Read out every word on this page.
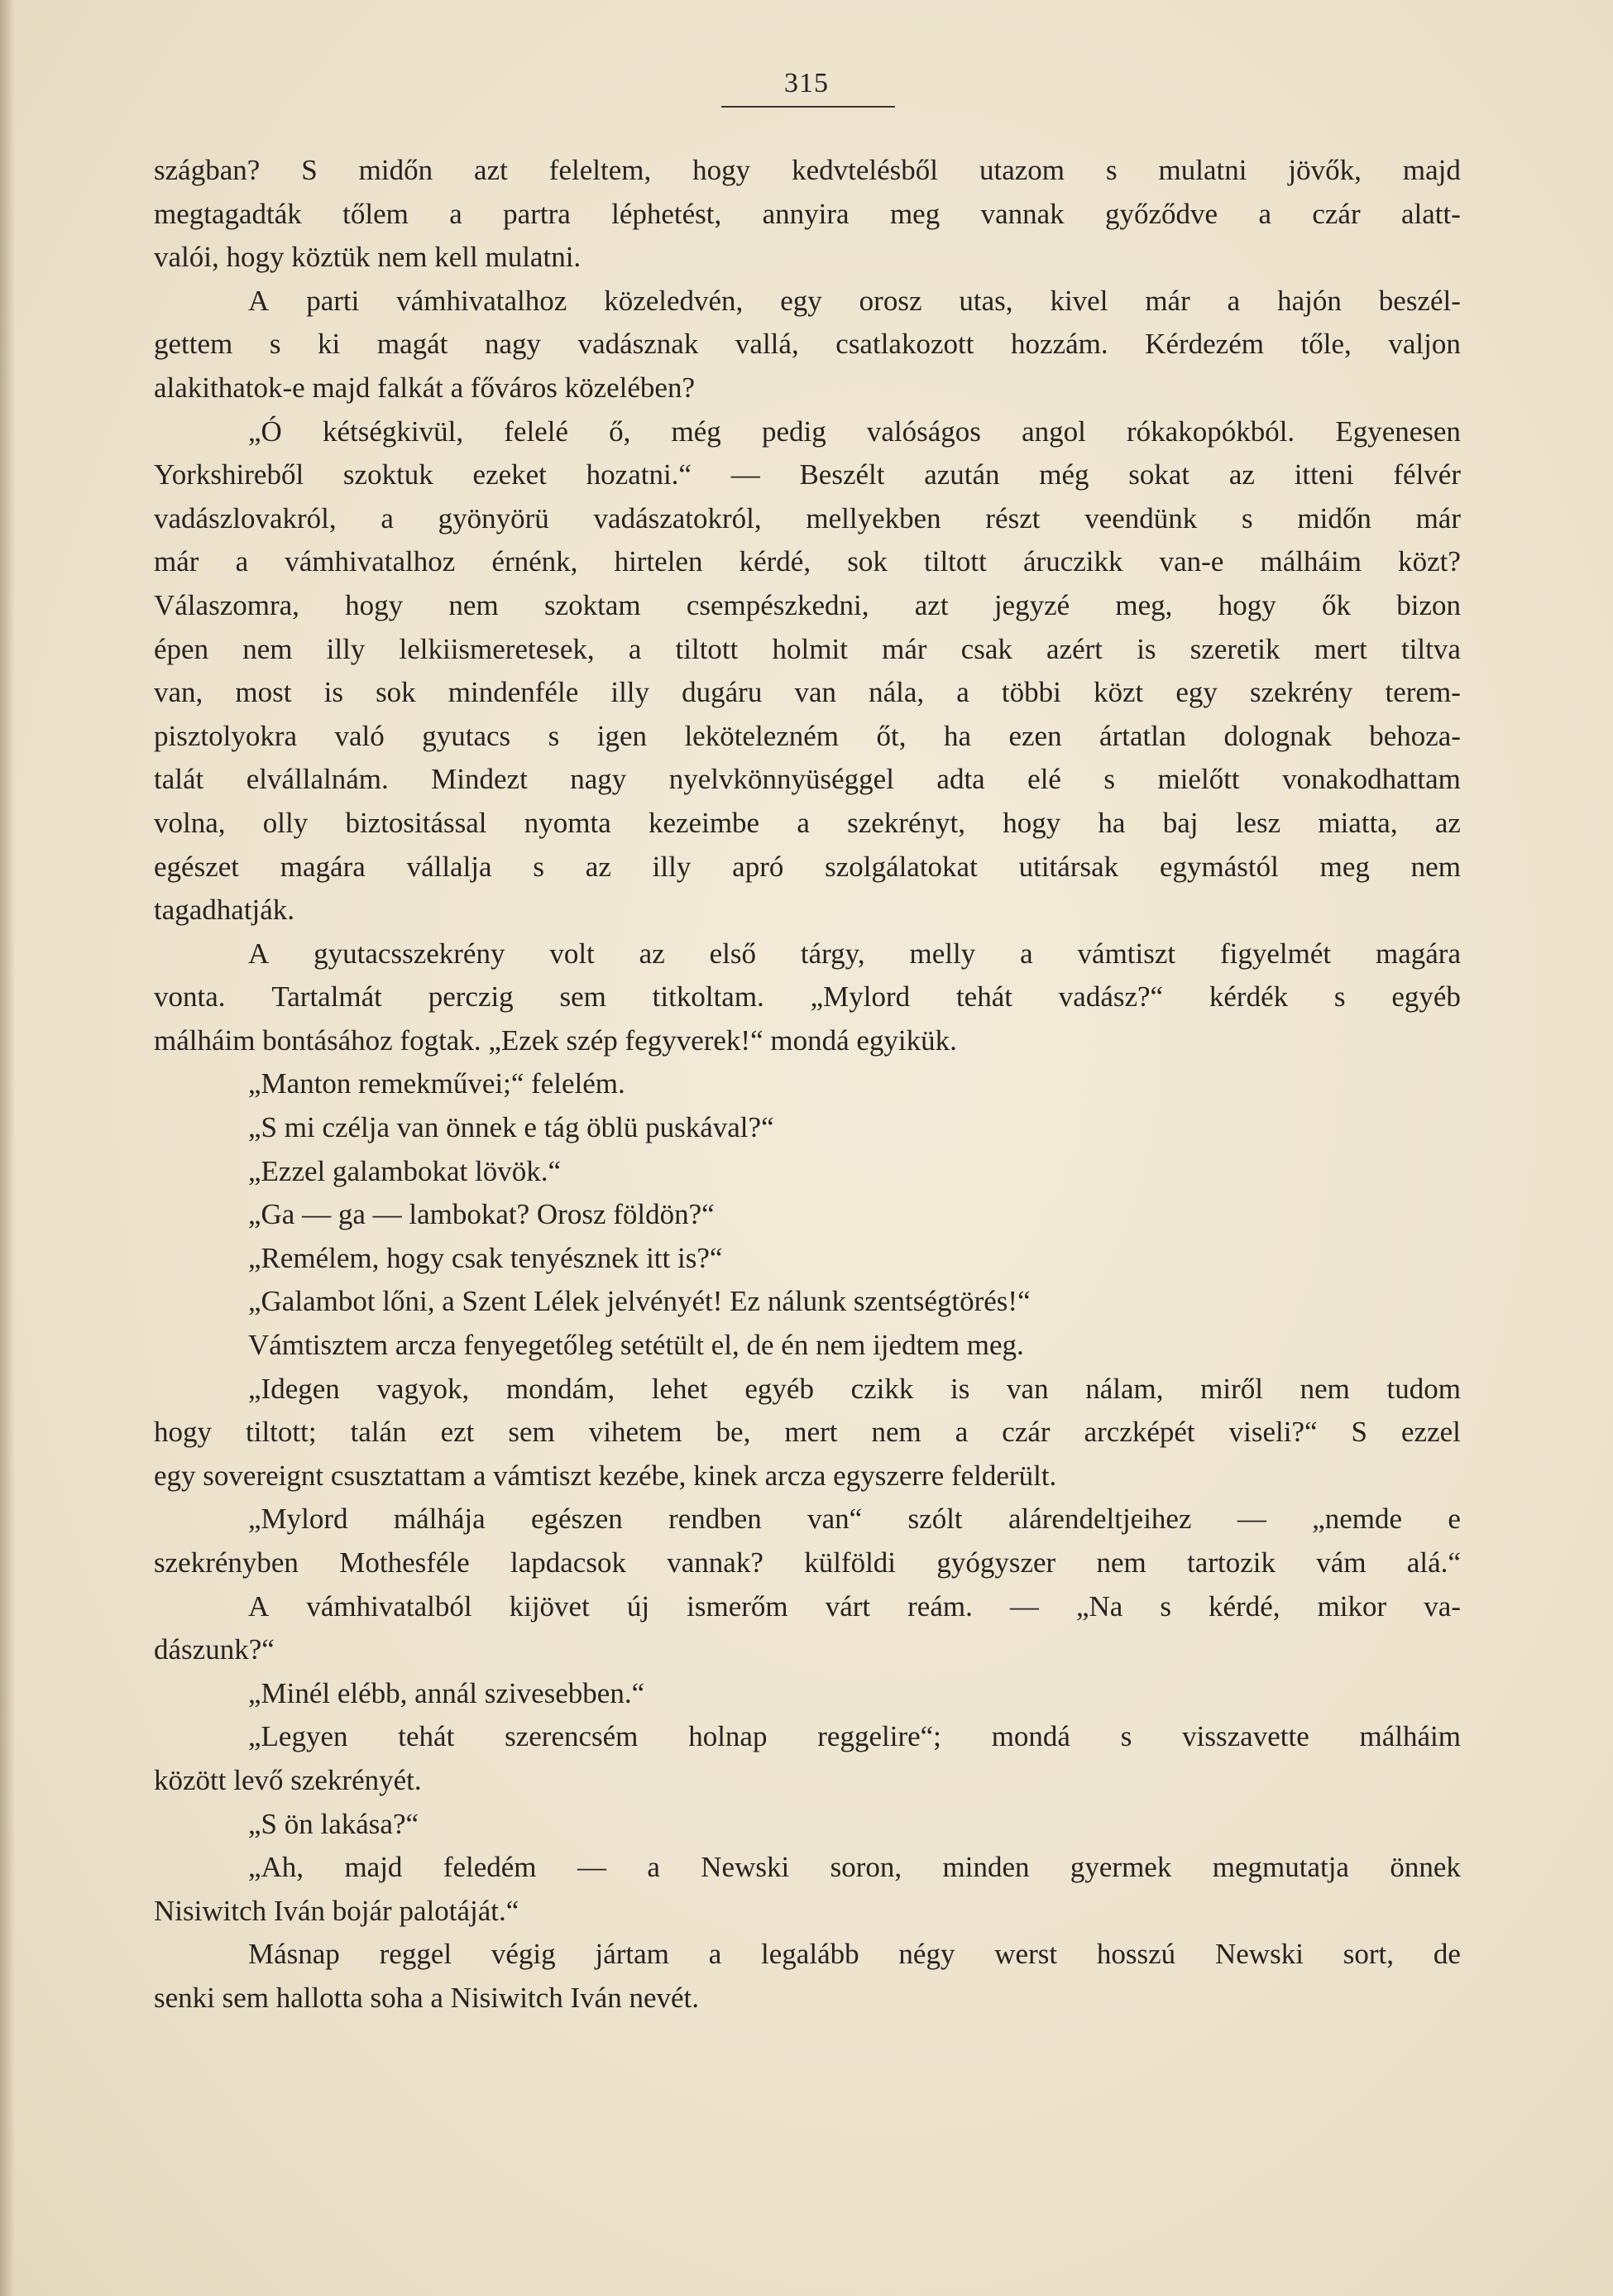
315
szágban? S midőn azt feleltem, hogy kedvtelésből utazom s mulatni jövők, majd
megtagadták tőlem a partra léphetést, annyira meg vannak győződve a czár alatt-
valói, hogy köztük nem kell mulatni.
A parti vámhivatalhoz közeledvén, egy orosz utas, kivel már a hajón beszél-
gettem s ki magát nagy vadásznak vallá, csatlakozott hozzám. Kérdezém tőle, valjon
alakithatok-e majd falkát a főváros közelében?
„Ó kétségkivül, felelé ő, még pedig valóságos angol rókakopókból. Egyenesen
Yorkshireből szoktuk ezeket hozatni.“ — Beszélt azután még sokat az itteni félvér
vadászlovakról, a gyönyörü vadászatokról, mellyekben részt veendünk s midőn már
már a vámhivatalhoz érnénk, hirtelen kérdé, sok tiltott áruczikk van-e málháim közt?
Válaszomra, hogy nem szoktam csempészkedni, azt jegyzé meg, hogy ők bizon
épen nem illy lelkiismeretesek, a tiltott holmit már csak azért is szeretik mert tiltva
van, most is sok mindenféle illy dugáru van nála, a többi közt egy szekrény terem-
pisztolyokra való gyutacs s igen lekötelezném őt, ha ezen ártatlan dolognak behoza-
talát elvállalnám. Mindezt nagy nyelvkönnyüséggel adta elé s mielőtt vonakodhattam
volna, olly biztositással nyomta kezeimbe a szekrényt, hogy ha baj lesz miatta, az
egészet magára vállalja s az illy apró szolgálatokat utitársak egymástól meg nem
tagadhatják.
A gyutacsszekrény volt az első tárgy, melly a vámtiszt figyelmét magára
vonta. Tartalmát perczig sem titkoltam. „Mylord tehát vadász?“ kérdék s egyéb
málháim bontásához fogtak. „Ezek szép fegyverek!“ mondá egyikük.
„Manton remekművei;“ felelém.
„S mi czélja van önnek e tág öblü puskával?“
„Ezzel galambokat lövök.“
„Ga — ga — lambokat? Orosz földön?“
„Remélem, hogy csak tenyésznek itt is?“
„Galambot lőni, a Szent Lélek jelvényét! Ez nálunk szentségtörés!“
Vámtisztem arcza fenyegetőleg setétült el, de én nem ijedtem meg.
„Idegen vagyok, mondám, lehet egyéb czikk is van nálam, miről nem tudom
hogy tiltott; talán ezt sem vihetem be, mert nem a czár arczképét viseli?“ S ezzel
egy sovereignt csusztattam a vámtiszt kezébe, kinek arcza egyszerre felderült.
„Mylord málhája egészen rendben van“ szólt alárendeltjeihez — „nemde e
szekrényben Mothesféle lapdacsok vannak? külföldi gyógyszer nem tartozik vám alá.“
A vámhivatalból kijövet új ismerőm várt reám. — „Na s kérdé, mikor va-
dászunk?“
„Minél elébb, annál szivesebben.“
„Legyen tehát szerencsém holnap reggelire“; mondá s visszavette málháim
között levő szekrényét.
„S ön lakása?“
„Ah, majd feledém — a Newski soron, minden gyermek megmutatja önnek
Nisiwitch Iván bojár palotáját.“
Másnap reggel végig jártam a legalább négy werst hosszú Newski sort, de
senki sem hallotta soha a Nisiwitch Iván nevét.
